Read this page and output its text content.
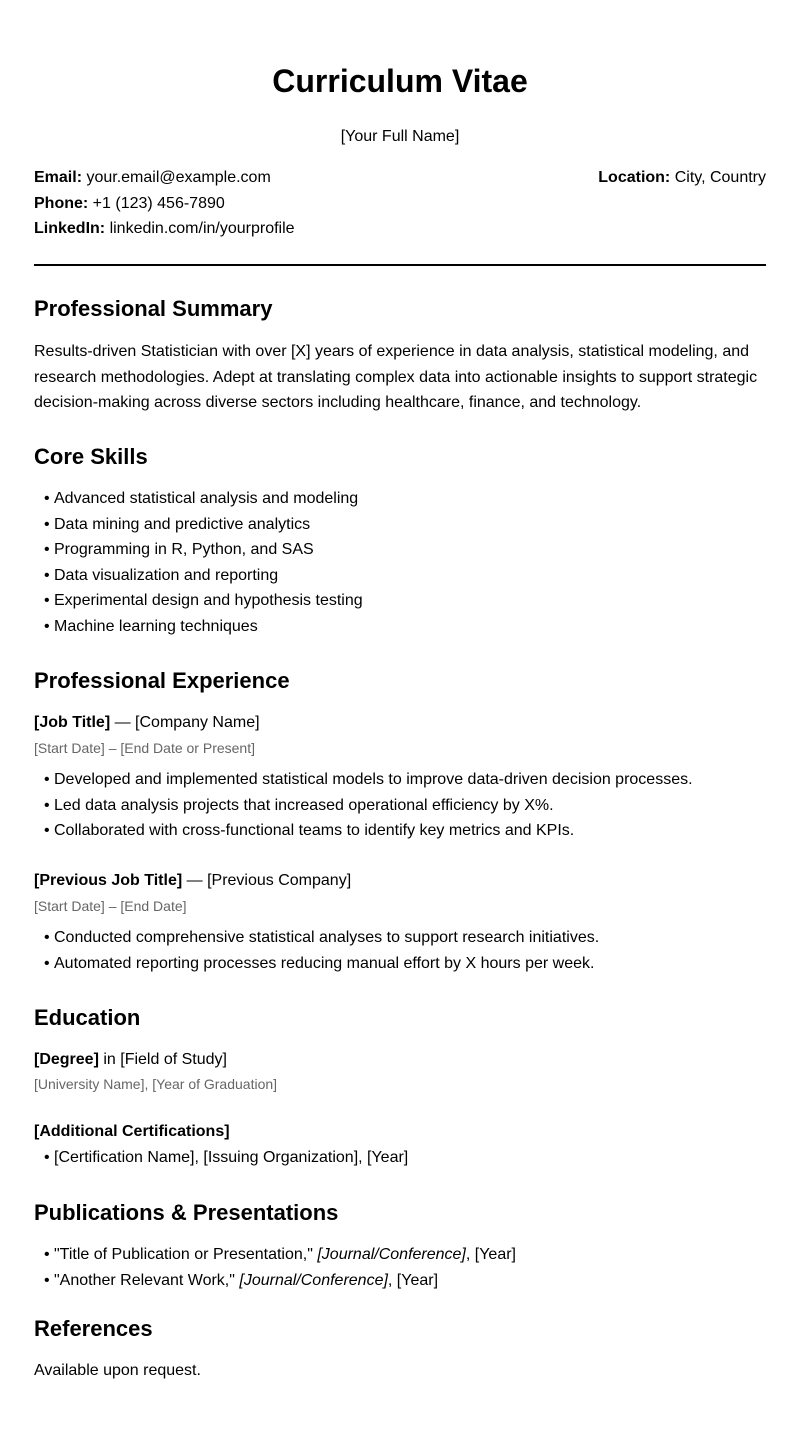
Curriculum Vitae
[Your Full Name]
Email: your.email@example.com
Phone: +1 (123) 456-7890
LinkedIn: linkedin.com/in/yourprofile
Location: City, Country
Professional Summary
Results-driven Statistician with over [X] years of experience in data analysis, statistical modeling, and research methodologies. Adept at translating complex data into actionable insights to support strategic decision-making across diverse sectors including healthcare, finance, and technology.
Core Skills
• Advanced statistical analysis and modeling
• Data mining and predictive analytics
• Programming in R, Python, and SAS
• Data visualization and reporting
• Experimental design and hypothesis testing
• Machine learning techniques
Professional Experience
[Job Title] — [Company Name]
[Start Date] – [End Date or Present]
• Developed and implemented statistical models to improve data-driven decision processes.
• Led data analysis projects that increased operational efficiency by X%.
• Collaborated with cross-functional teams to identify key metrics and KPIs.
[Previous Job Title] — [Previous Company]
[Start Date] – [End Date]
• Conducted comprehensive statistical analyses to support research initiatives.
• Automated reporting processes reducing manual effort by X hours per week.
Education
[Degree] in [Field of Study]
[University Name], [Year of Graduation]
[Additional Certifications]
• [Certification Name], [Issuing Organization], [Year]
Publications & Presentations
• "Title of Publication or Presentation," [Journal/Conference], [Year]
• "Another Relevant Work," [Journal/Conference], [Year]
References
Available upon request.
